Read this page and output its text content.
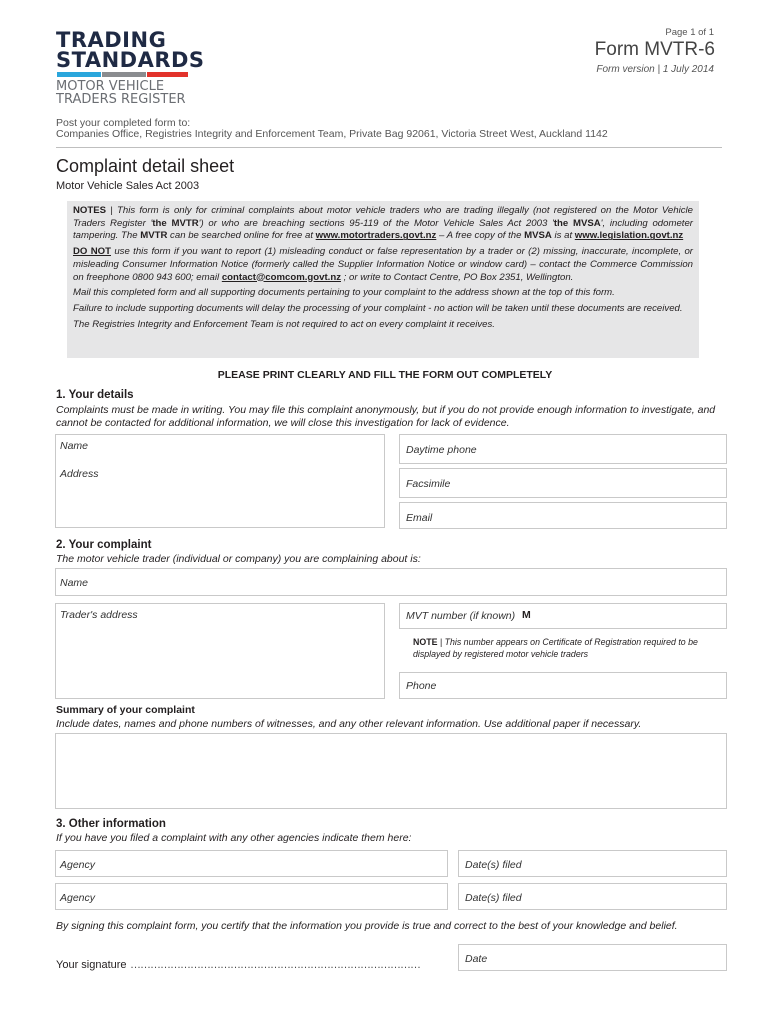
TRADING
STANDARDS
MOTOR VEHICLE
TRADERS REGISTER
Page 1 of 1
Form MVTR-6
Form version | 1 July 2014
Post your completed form to:
Companies Office, Registries Integrity and Enforcement Team, Private Bag 92061, Victoria Street West, Auckland 1142
Complaint detail sheet
Motor Vehicle Sales Act 2003

NOTES | This form is only for criminal complaints about motor vehicle traders who are trading illegally (not registered on the Motor Vehicle Traders Register 'the MVTR') or who are breaching sections 95-119 of the Motor Vehicle Sales Act 2003 'the MVSA', including odometer tampering. The MVTR can be searched online for free at www.motortraders.govt.nz – A free copy of the MVSA is at www.legislation.govt.nz

DO NOT use this form if you want to report (1) misleading conduct or false representation by a trader or (2) missing, inaccurate, incomplete, or misleading Consumer Information Notice (formerly called the Supplier Information Notice or window card) – contact the Commerce Commission on freephone 0800 943 600; email contact@comcom.govt.nz ; or write to Contact Centre, PO Box 2351, Wellington.

Mail this completed form and all supporting documents pertaining to your complaint to the address shown at the top of this form.

Failure to include supporting documents will delay the processing of your complaint - no action will be taken until these documents are received.

The Registries Integrity and Enforcement Team is not required to act on every complaint it receives.

PLEASE PRINT CLEARLY AND FILL THE FORM OUT COMPLETELY
1. Your details
Complaints must be made in writing. You may file this complaint anonymously, but if you do not provide enough information to investigate, and cannot be contacted for additional information, we will close this investigation for lack of evidence.
Name
Address
Daytime phone
Facsimile
Email
2. Your complaint
The motor vehicle trader (individual or company) you are complaining about is:
Name
Trader's address	MVT number (if known) M
NOTE | This number appears on Certificate of Registration required to be displayed by registered motor vehicle traders
Phone
Summary of your complaint
Include dates, names and phone numbers of witnesses, and any other relevant information. Use additional paper if necessary.
3. Other information
If you have you filed a complaint with any other agencies indicate them here:
Agency	Date(s) filed
Agency	Date(s) filed
By signing this complaint form, you certify that the information you provide is true and correct to the best of your knowledge and belief.
Your signature ……………………………………………………………………………	Date
